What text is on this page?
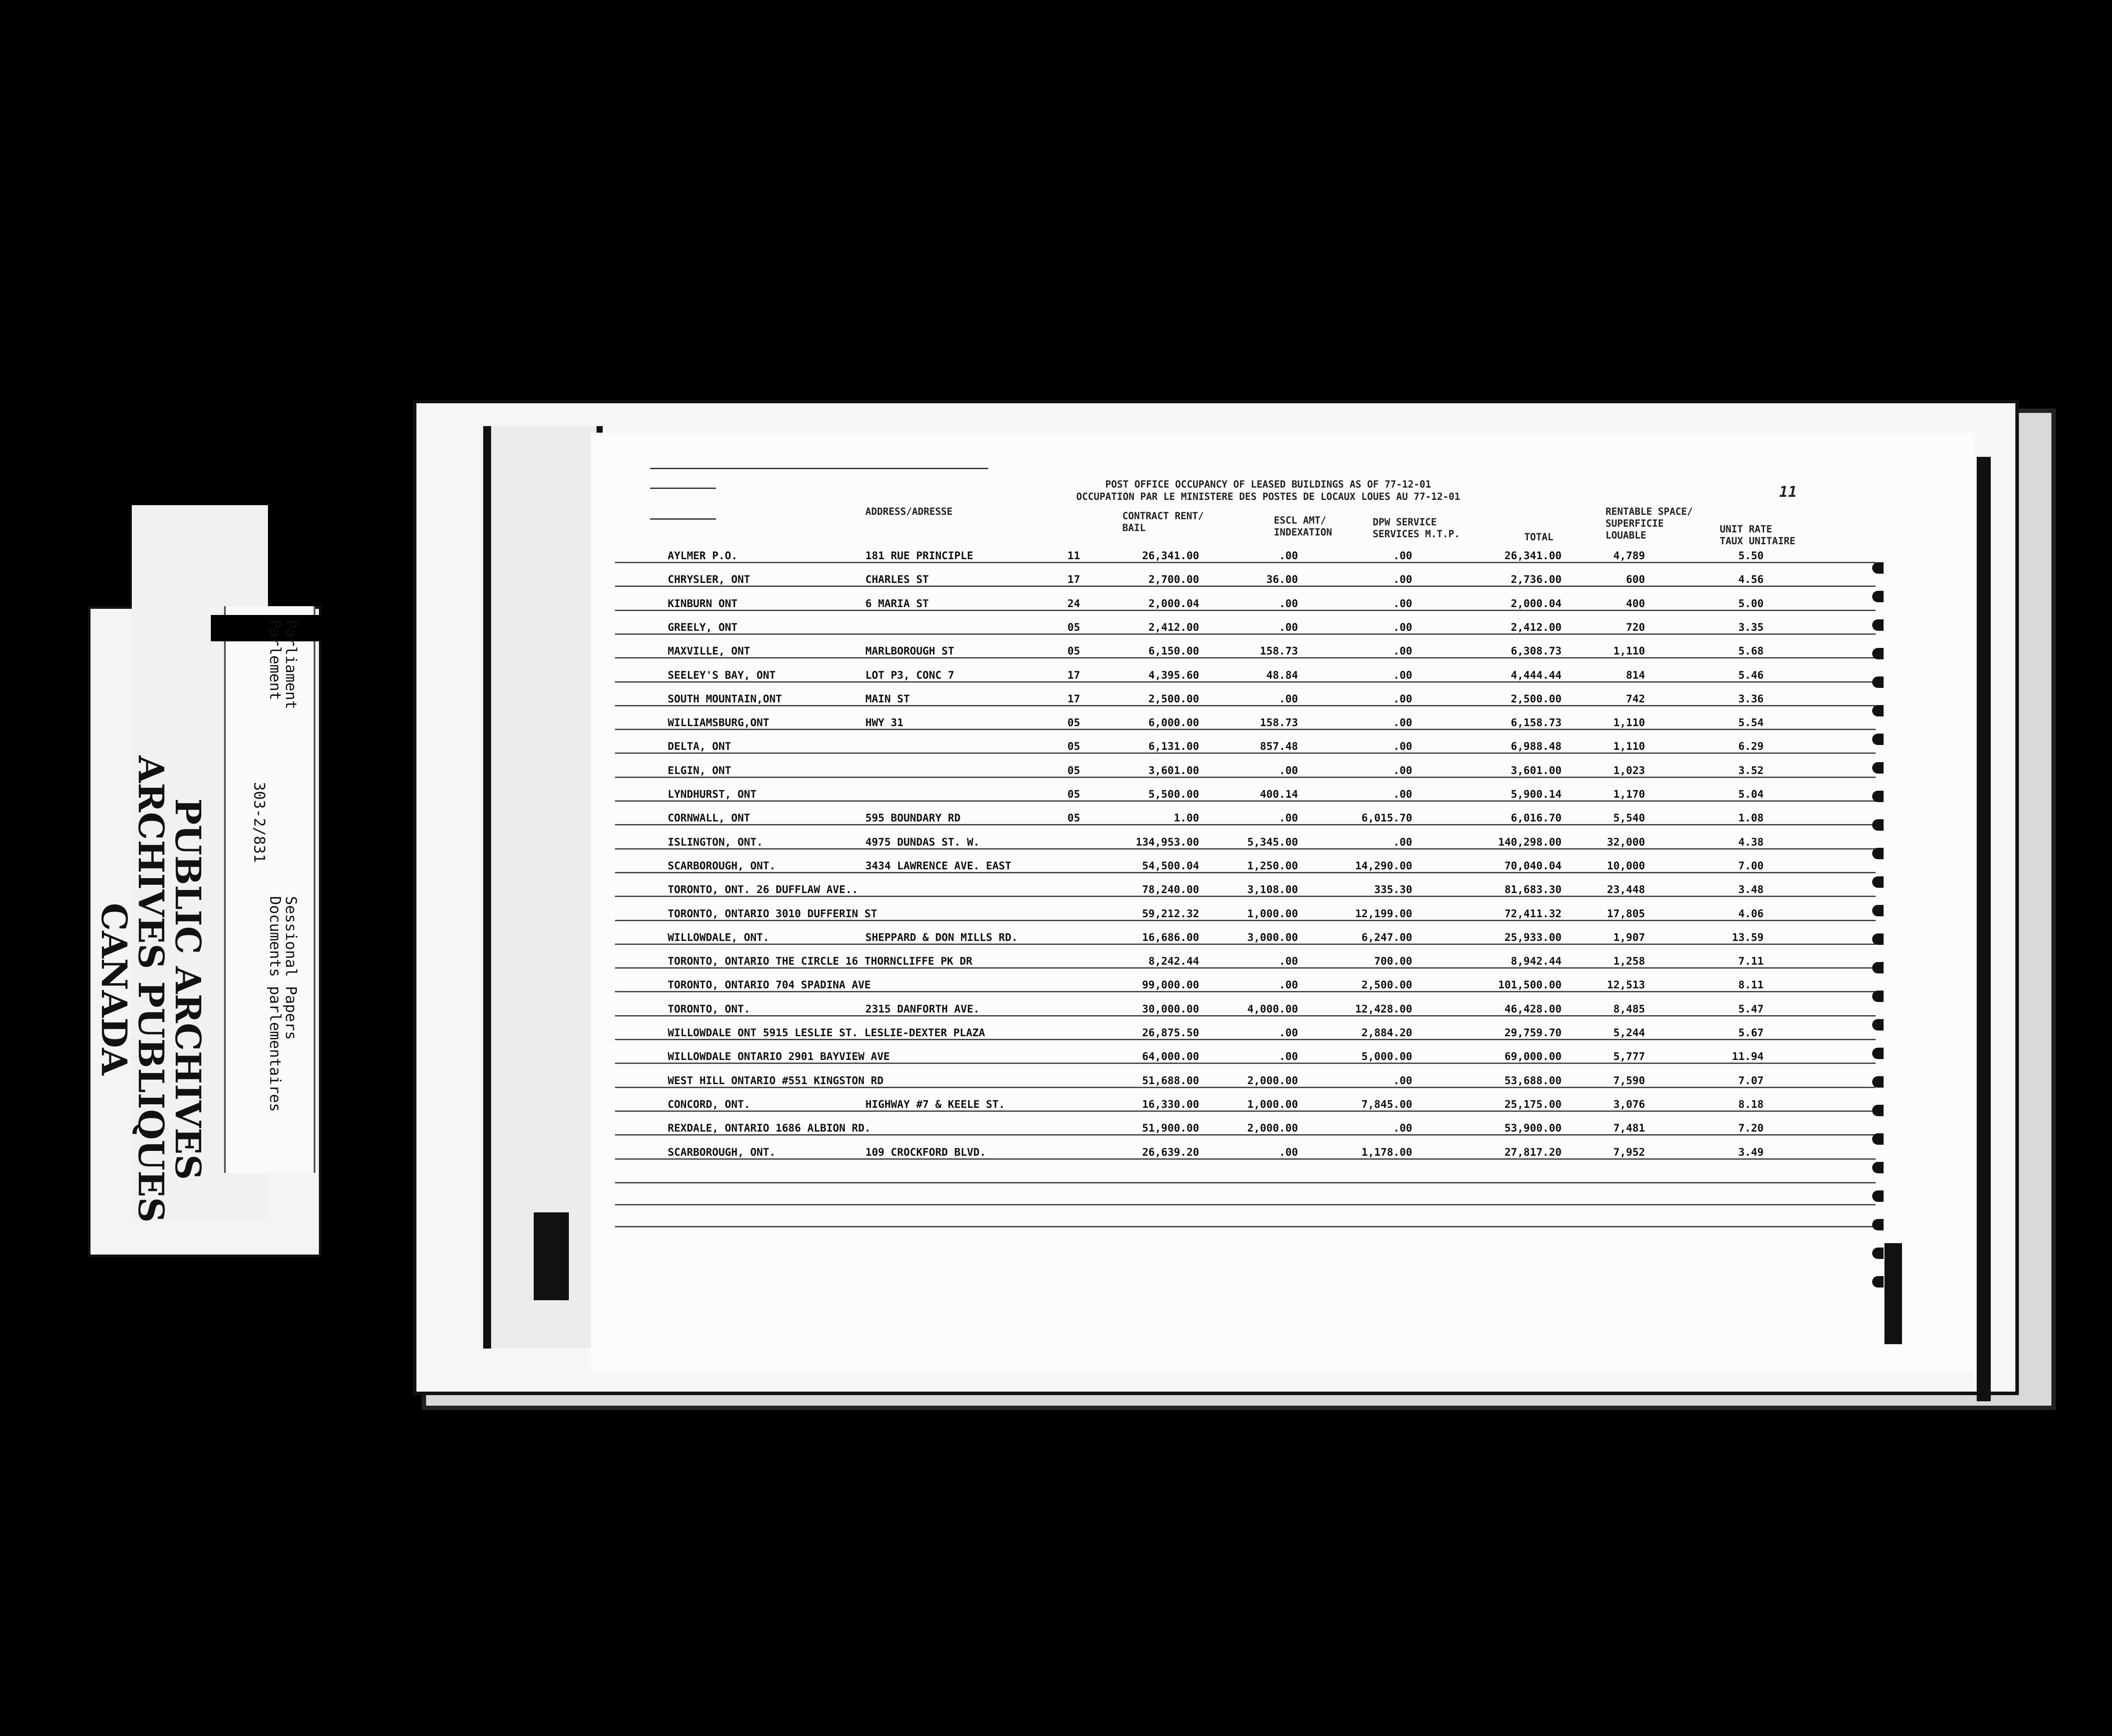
Parliament
Parlement
303-2/831
Sessional Papers
Documents parlementaires
PUBLIC ARCHIVES
ARCHIVES PUBLIQUES
CANADA
POST OFFICE OCCUPANCY OF LEASED BUILDINGS AS OF 77-12-01
OCCUPATION PAR LE MINISTERE DES POSTES DE LOCAUX LOUES AU 77-12-01	11
ADDRESS/ADRESSE	CONTRACT RENT/
BAIL
ESCL AMT/
INDEXATION
DPW SERVICE
SERVICES M.T.P.	TOTAL
RENTABLE SPACE/
SUPERFICIE
LOUABLE
UNIT RATE
TAUX UNITAIRE
AYLMER P.O.	181 RUE PRINCIPLE	11	26,341.00	.00	.00	26,341.00	4,789	5.50
CHRYSLER, ONT	CHARLES ST	17	2,700.00	36.00	.00	2,736.00	600	4.56
KINBURN ONT	6 MARIA ST	24	2,000.04	.00	.00	2,000.04	400	5.00
GREELY, ONT	05	2,412.00	.00	.00	2,412.00	720	3.35
MAXVILLE, ONT	MARLBOROUGH ST	05	6,150.00	158.73	.00	6,308.73	1,110	5.68
SEELEY'S BAY, ONT	LOT P3, CONC 7	17	4,395.60	48.84	.00	4,444.44	814	5.46
SOUTH MOUNTAIN,ONT	MAIN ST	17	2,500.00	.00	.00	2,500.00	742	3.36
WILLIAMSBURG,ONT	HWY 31	05	6,000.00	158.73	.00	6,158.73	1,110	5.54
DELTA, ONT	05	6,131.00	857.48	.00	6,988.48	1,110	6.29
ELGIN, ONT	05	3,601.00	.00	.00	3,601.00	1,023	3.52
LYNDHURST, ONT	05	5,500.00	400.14	.00	5,900.14	1,170	5.04
CORNWALL, ONT	595 BOUNDARY RD	05	1.00	.00	6,015.70	6,016.70	5,540	1.08
ISLINGTON, ONT.	4975 DUNDAS ST. W.	134,953.00	5,345.00	.00	140,298.00	32,000	4.38
SCARBOROUGH, ONT.	3434 LAWRENCE AVE. EAST	54,500.04	1,250.00	14,290.00	70,040.04	10,000	7.00
TORONTO, ONT. 26 DUFFLAW AVE..	78,240.00	3,108.00	335.30	81,683.30	23,448	3.48
TORONTO, ONTARIO 3010 DUFFERIN ST	59,212.32	1,000.00	12,199.00	72,411.32	17,805	4.06
WILLOWDALE, ONT.	SHEPPARD & DON MILLS RD.	16,686.00	3,000.00	6,247.00	25,933.00	1,907	13.59
TORONTO, ONTARIO THE CIRCLE 16 THORNCLIFFE PK DR	8,242.44	.00	700.00	8,942.44	1,258	7.11
TORONTO, ONTARIO 704 SPADINA AVE	99,000.00	.00	2,500.00	101,500.00	12,513	8.11
TORONTO, ONT.	2315 DANFORTH AVE.	30,000.00	4,000.00	12,428.00	46,428.00	8,485	5.47
WILLOWDALE ONT 5915 LESLIE ST. LESLIE-DEXTER PLAZA	26,875.50	.00	2,884.20	29,759.70	5,244	5.67
WILLOWDALE ONTARIO 2901 BAYVIEW AVE	64,000.00	.00	5,000.00	69,000.00	5,777	11.94
WEST HILL ONTARIO #551 KINGSTON RD	51,688.00	2,000.00	.00	53,688.00	7,590	7.07
CONCORD, ONT.	HIGHWAY #7 & KEELE ST.	16,330.00	1,000.00	7,845.00	25,175.00	3,076	8.18
REXDALE, ONTARIO 1686 ALBION RD.	51,900.00	2,000.00	.00	53,900.00	7,481	7.20
SCARBOROUGH, ONT.	109 CROCKFORD BLVD.	26,639.20	.00	1,178.00	27,817.20	7,952	3.49
